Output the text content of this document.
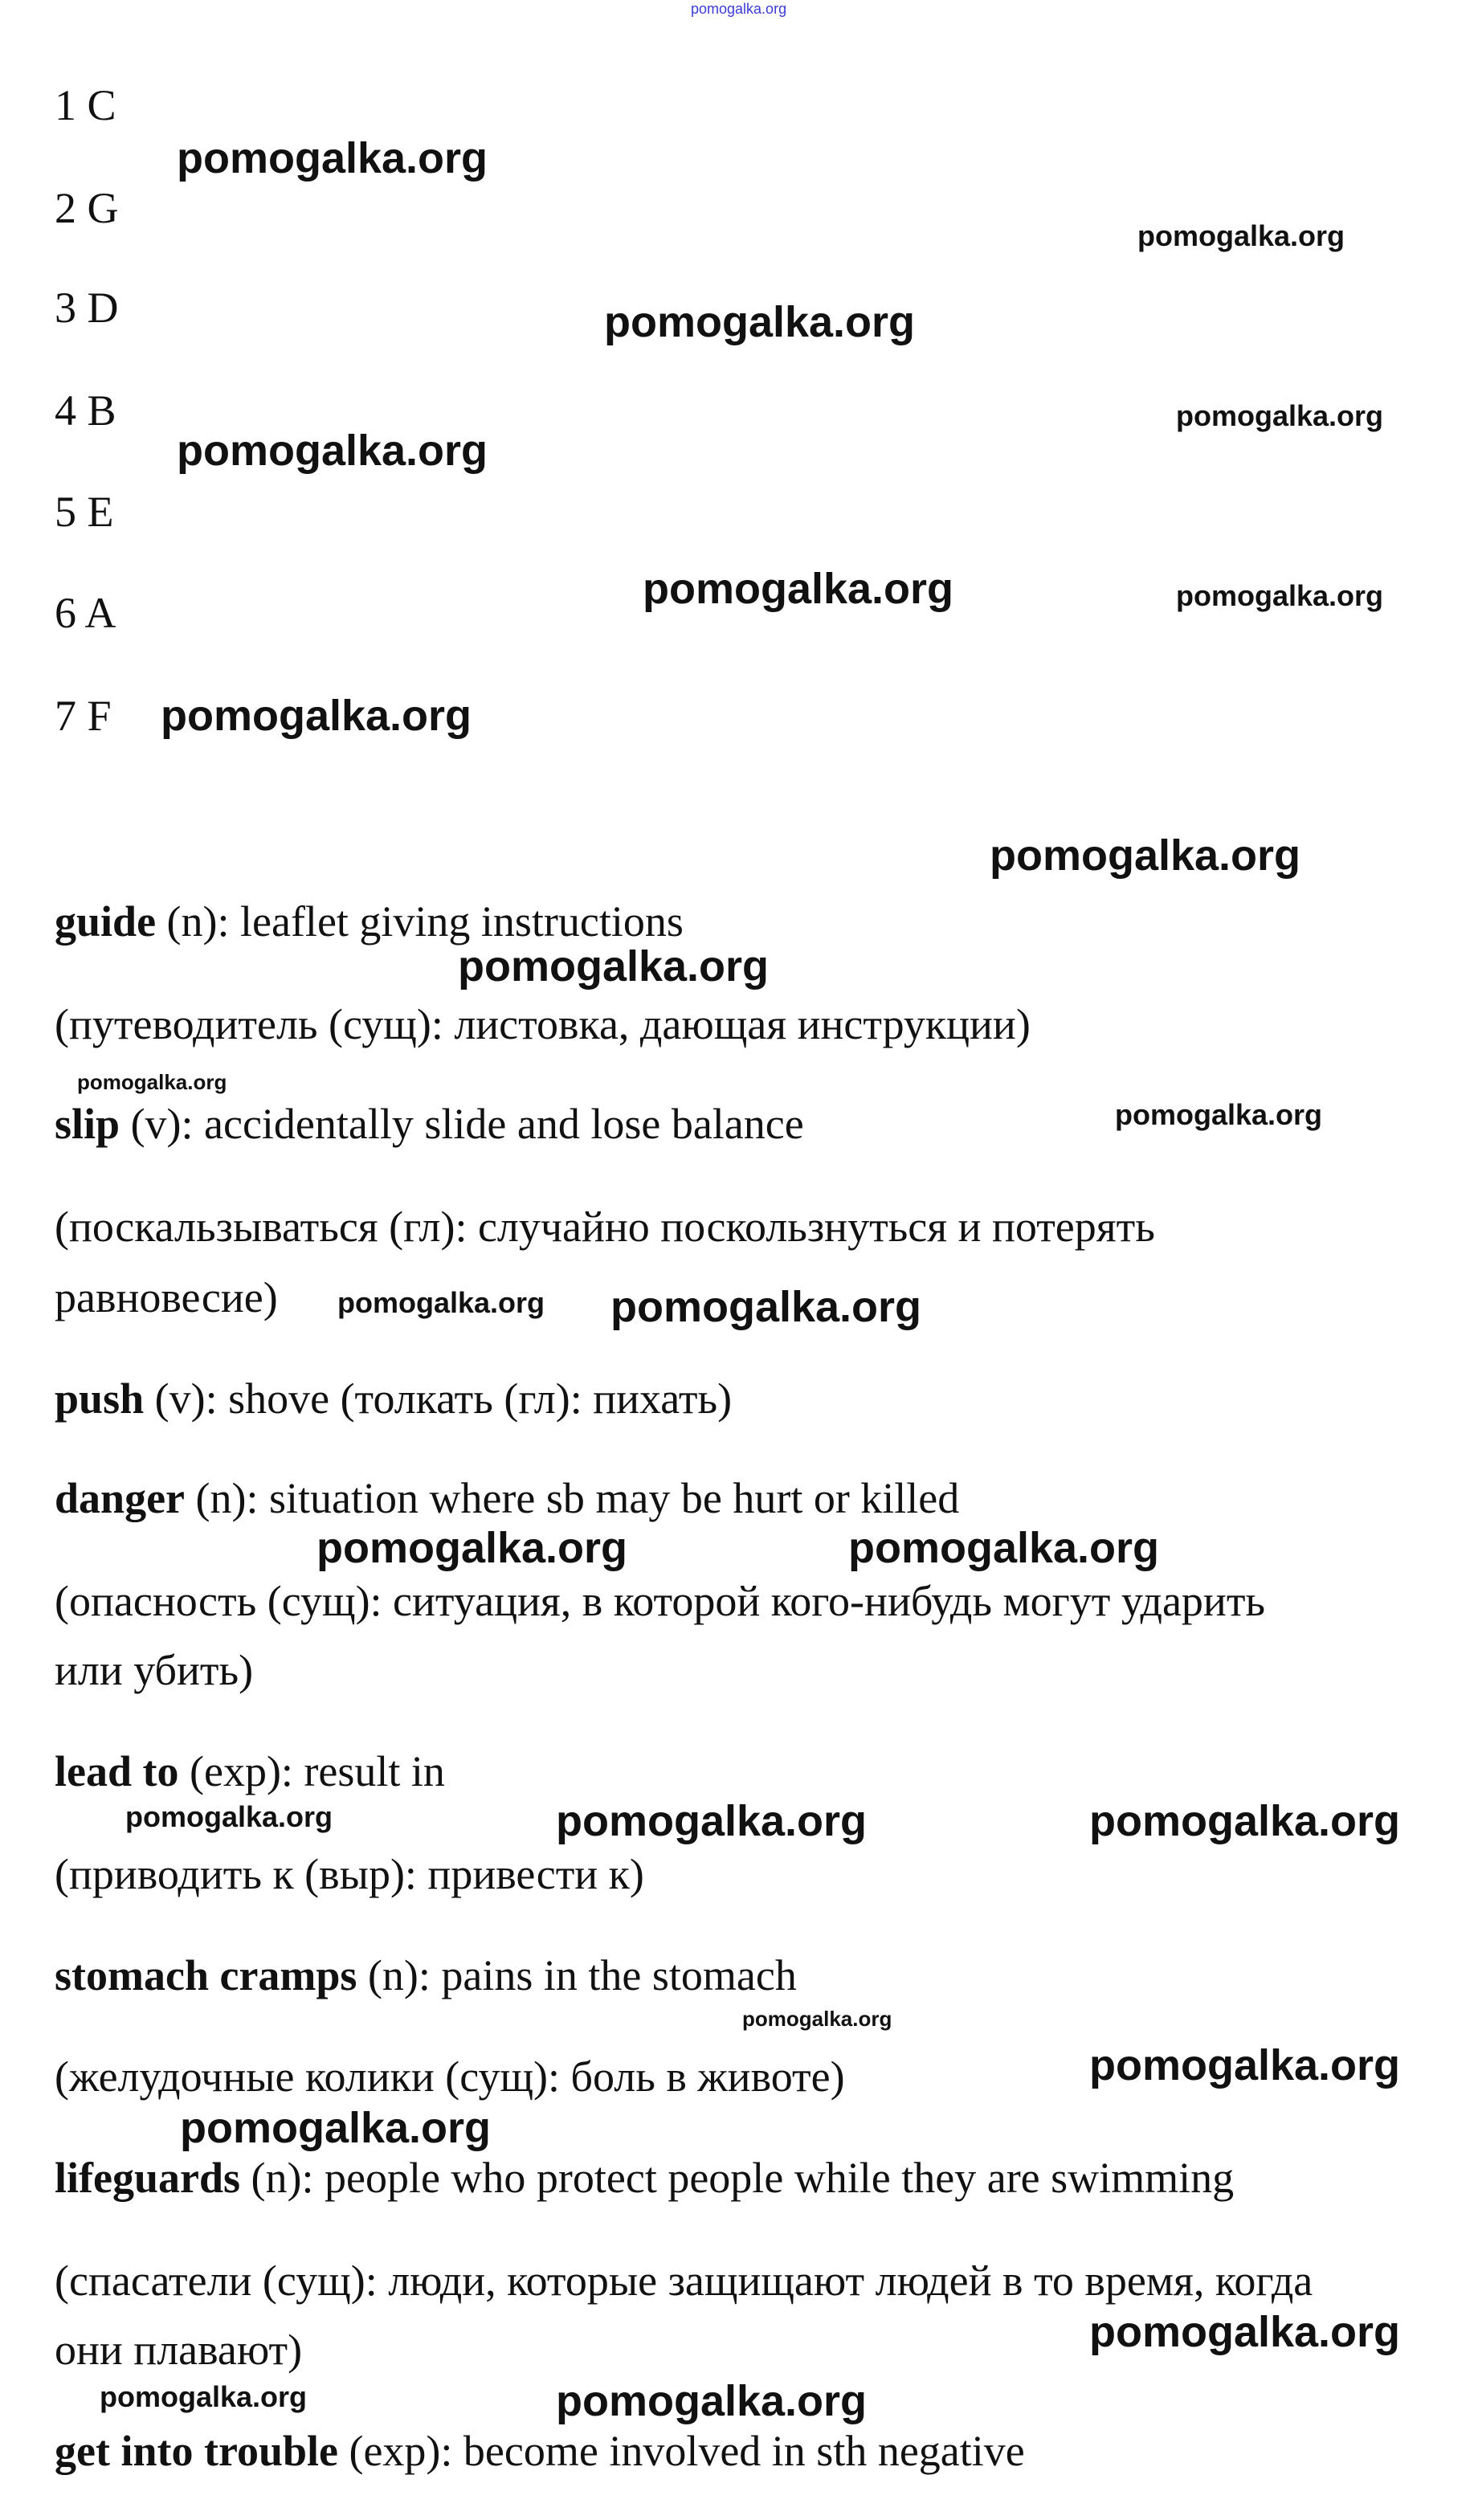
1 C
2 G
3 D
4 B
5 E
6 A
7 F
guide (n): leaflet giving instructions
(путеводитель (сущ): листовка, дающая инструкции)
slip (v): accidentally slide and lose balance
(поскальзываться (гл): случайно поскользнуться и потерять
равновесие)
push (v): shove (толкать (гл): пихать)
danger (n): situation where sb may be hurt or killed
(опасность (сущ): ситуация, в которой кого-нибудь могут ударить
или убить)
lead to (exp): result in
(приводить к (выр): привести к)
stomach cramps (n): pains in the stomach
(желудочные колики (сущ): боль в животе)
lifeguards (n): people who protect people while they are swimming
(спасатели (сущ): люди, которые защищают людей в то время, когда
они плавают)
get into trouble (exp): become involved in sth negative
pomogalka.org
pomogalka.org
pomogalka.org
pomogalka.org
pomogalka.org
pomogalka.org
pomogalka.org	pomogalka.org
pomogalka.org
pomogalka.org
pomogalka.org
pomogalka.org
pomogalka.org
pomogalka.org pomogalka.org
pomogalka.org	pomogalka.org
pomogalka.org	pomogalka.org	pomogalka.org
pomogalka.org
pomogalka.org
pomogalka.org
pomogalka.org
pomogalka.org	pomogalka.org
